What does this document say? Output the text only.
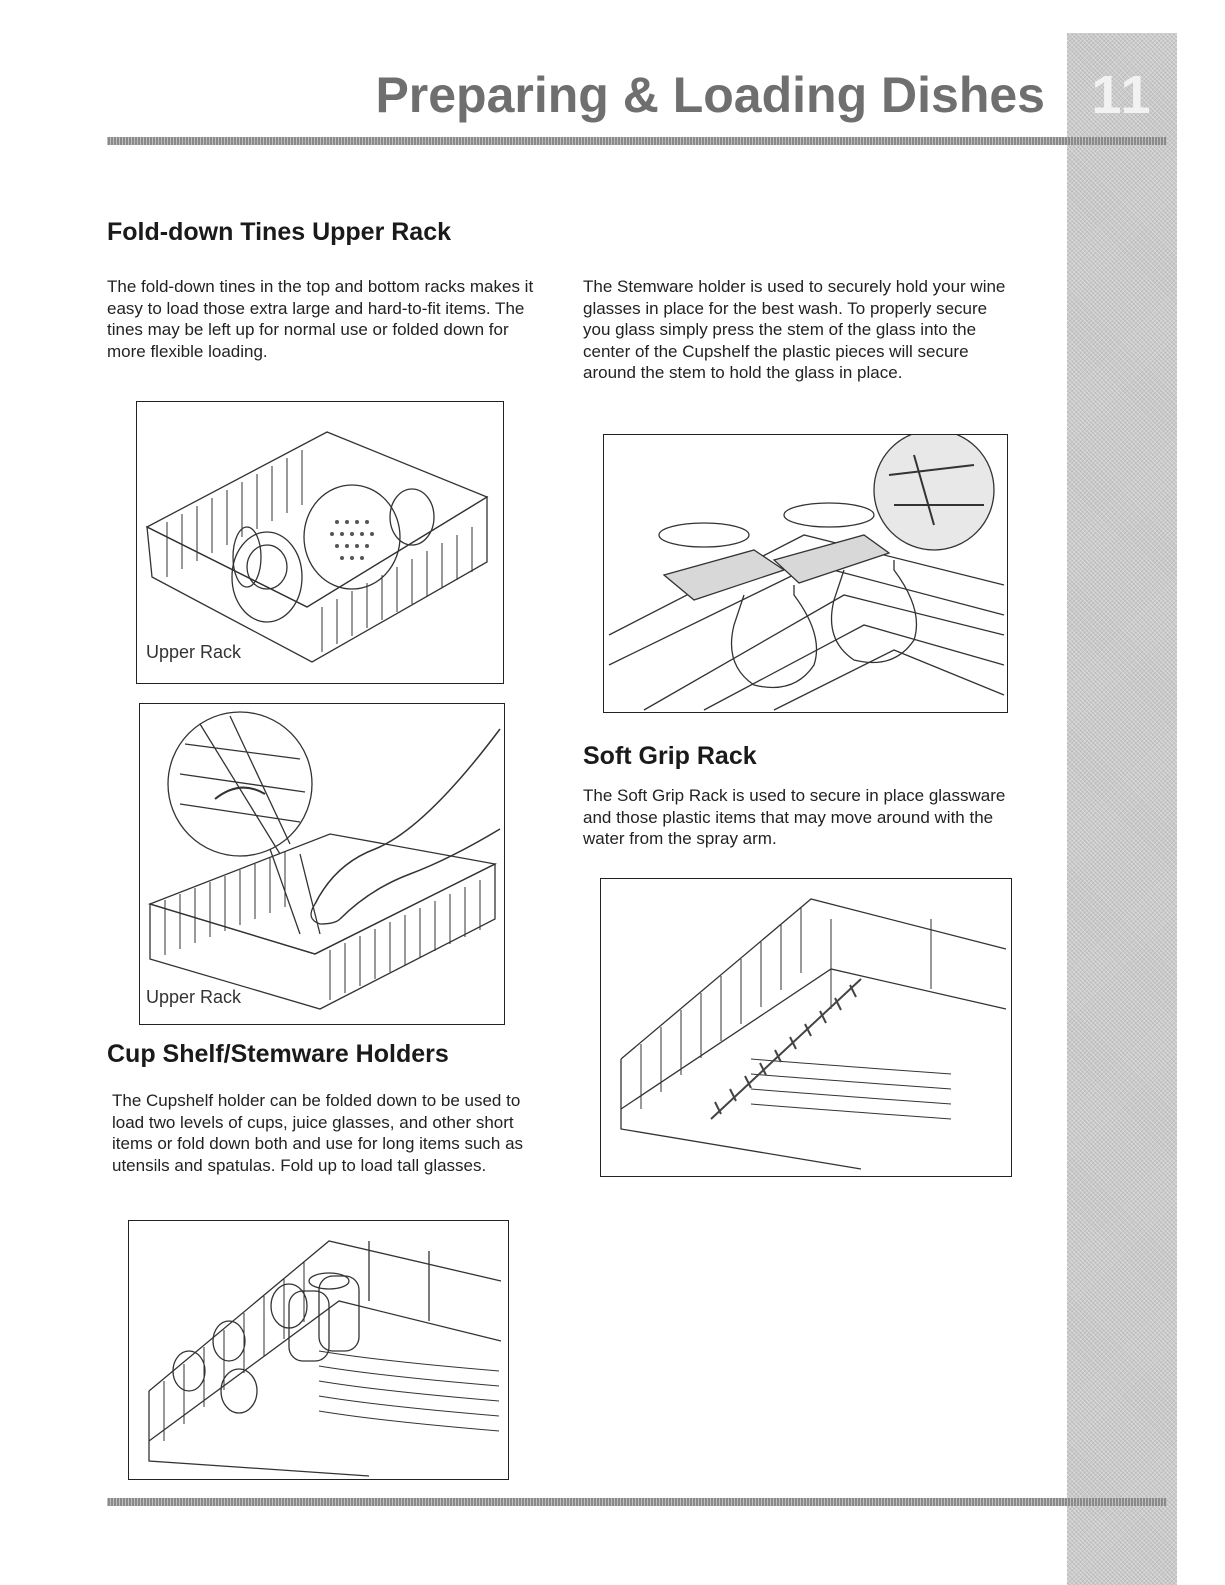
11
Preparing & Loading Dishes
Fold-down Tines Upper Rack

The fold-down tines in the top and bottom racks makes it easy to load those extra large and hard-to-fit items. The tines may be left up for normal use or folded down for more flexible loading.

Upper Rack
Upper Rack
Cup Shelf/Stemware Holders

The Cupshelf holder can be folded down to be used to load two levels of cups, juice glasses, and other short items or fold down both and use for long items such as utensils and spatulas. Fold up to load tall glasses.

The Stemware holder is used to securely hold your wine glasses in place for the best wash. To properly secure you glass simply press the stem of the glass into the center of the Cupshelf the plastic pieces will secure around the stem to hold the glass in place.

Soft Grip Rack

The Soft Grip Rack is used to secure in place glassware and those plastic items that may move around with the water from the spray arm.
